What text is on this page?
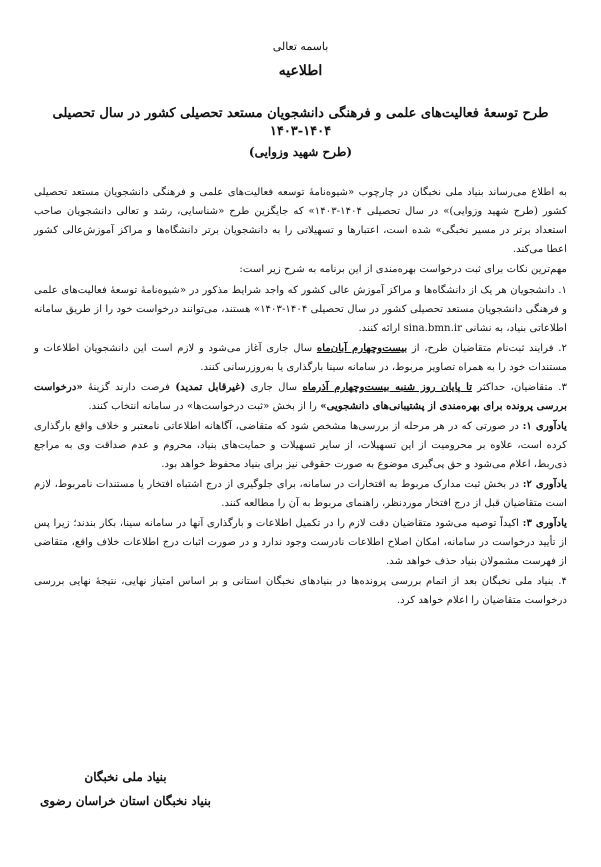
باسمه تعالی

اطلاعیه

طرح توسعهٔ فعالیت‌های علمی و فرهنگی دانشجویان مستعد تحصیلی کشور در سال تحصیلی ۱۴۰۴-۱۴۰۳

(طرح شهید وزوایی)

به اطلاع می‌رساند بنیاد ملی نخبگان در چارچوب «شیوه‌نامهٔ توسعه فعالیت‌های علمی و فرهنگی دانشجویان مستعد تحصیلی کشور (طرح شهید وزوایی)» در سال تحصیلی ۱۴۰۴-۱۴۰۳» که جایگزین طرح «شناسایی، رشد و تعالی دانشجویان صاحب استعداد برتر در مسیر نخبگی» شده است، اعتبارها و تسهیلاتی را به دانشجویان برتر دانشگاه‌ها و مراکز آموزش‌عالی کشور اعطا می‌کند.

مهم‌ترین نکات برای ثبت درخواست بهره‌مندی از این برنامه به شرح زیر است:

۱. دانشجویان هر یک از دانشگاه‌ها و مراکز آموزش عالی کشور که واجد شرایط مذکور در «شیوه‌نامهٔ توسعهٔ فعالیت‌های علمی و فرهنگی دانشجویان مستعد تحصیلی کشور در سال تحصیلی ۱۴۰۴-۱۴۰۳» هستند، می‌توانند درخواست خود را از طریق سامانه اطلاعاتی بنیاد، به نشانی sina.bmn.ir ارائه کنند.

۲. فرایند ثبت‌نام متقاضیان طرح، از بیست‌وچهارم آبان‌ماه سال جاری آغاز می‌شود و لازم است این دانشجویان اطلاعات و مستندات خود را به همراه تصاویر مربوط، در سامانه سینا بارگذاری یا به‌روزرسانی کنند.

۳. متقاضیان، حداکثر تا پایان روز شنبه بیست‌وچهارم آذرماه سال جاری (غیرقابل تمدید) فرصت دارند گزینهٔ «درخواست بررسی پرونده برای بهره‌مندی از پشتیبانی‌های دانشجویی» را از بخش «ثبت درخواست‌ها» در سامانه انتخاب کنند.

یادآوری ۱: در صورتی که در هر مرحله از بررسی‌ها مشخص شود که متقاضی، آگاهانه اطلاعاتی نامعتبر و خلاف واقع بارگذاری کرده است، علاوه بر محرومیت از این تسهیلات، از سایر تسهیلات و حمایت‌های بنیاد، محروم و عدم صداقت وی به مراجع ذی‌ربط، اعلام می‌شود و حق پی‌گیری موضوع به صورت حقوقی نیز برای بنیاد محفوظ خواهد بود.

یادآوری ۲: در بخش ثبت مدارک مربوط به افتخارات در سامانه، برای جلوگیری از درج اشتباه افتخار یا مستندات نامربوط، لازم است متقاضیان قبل از درج افتخار موردنظر، راهنمای مربوط به آن را مطالعه کنند.

یادآوری ۳: اکیداً توصیه می‌شود متقاضیان دقت لازم را در تکمیل اطلاعات و بارگذاری آنها در سامانه سینا، بکار بندند؛ زیرا پس از تأیید درخواست در سامانه، امکان اصلاح اطلاعات نادرست وجود ندارد و در صورت اثبات درج اطلاعات خلاف واقع، متقاضی از فهرست مشمولان بنیاد حذف خواهد شد.

۴. بنیاد ملی نخبگان بعد از اتمام بررسی پرونده‌ها در بنیادهای نخبگان استانی و بر اساس امتیاز نهایی، نتیجهٔ نهایی بررسی درخواست متقاضیان را اعلام خواهد کرد.

بنیاد ملی نخبگان

بنیاد نخبگان استان خراسان رضوی
